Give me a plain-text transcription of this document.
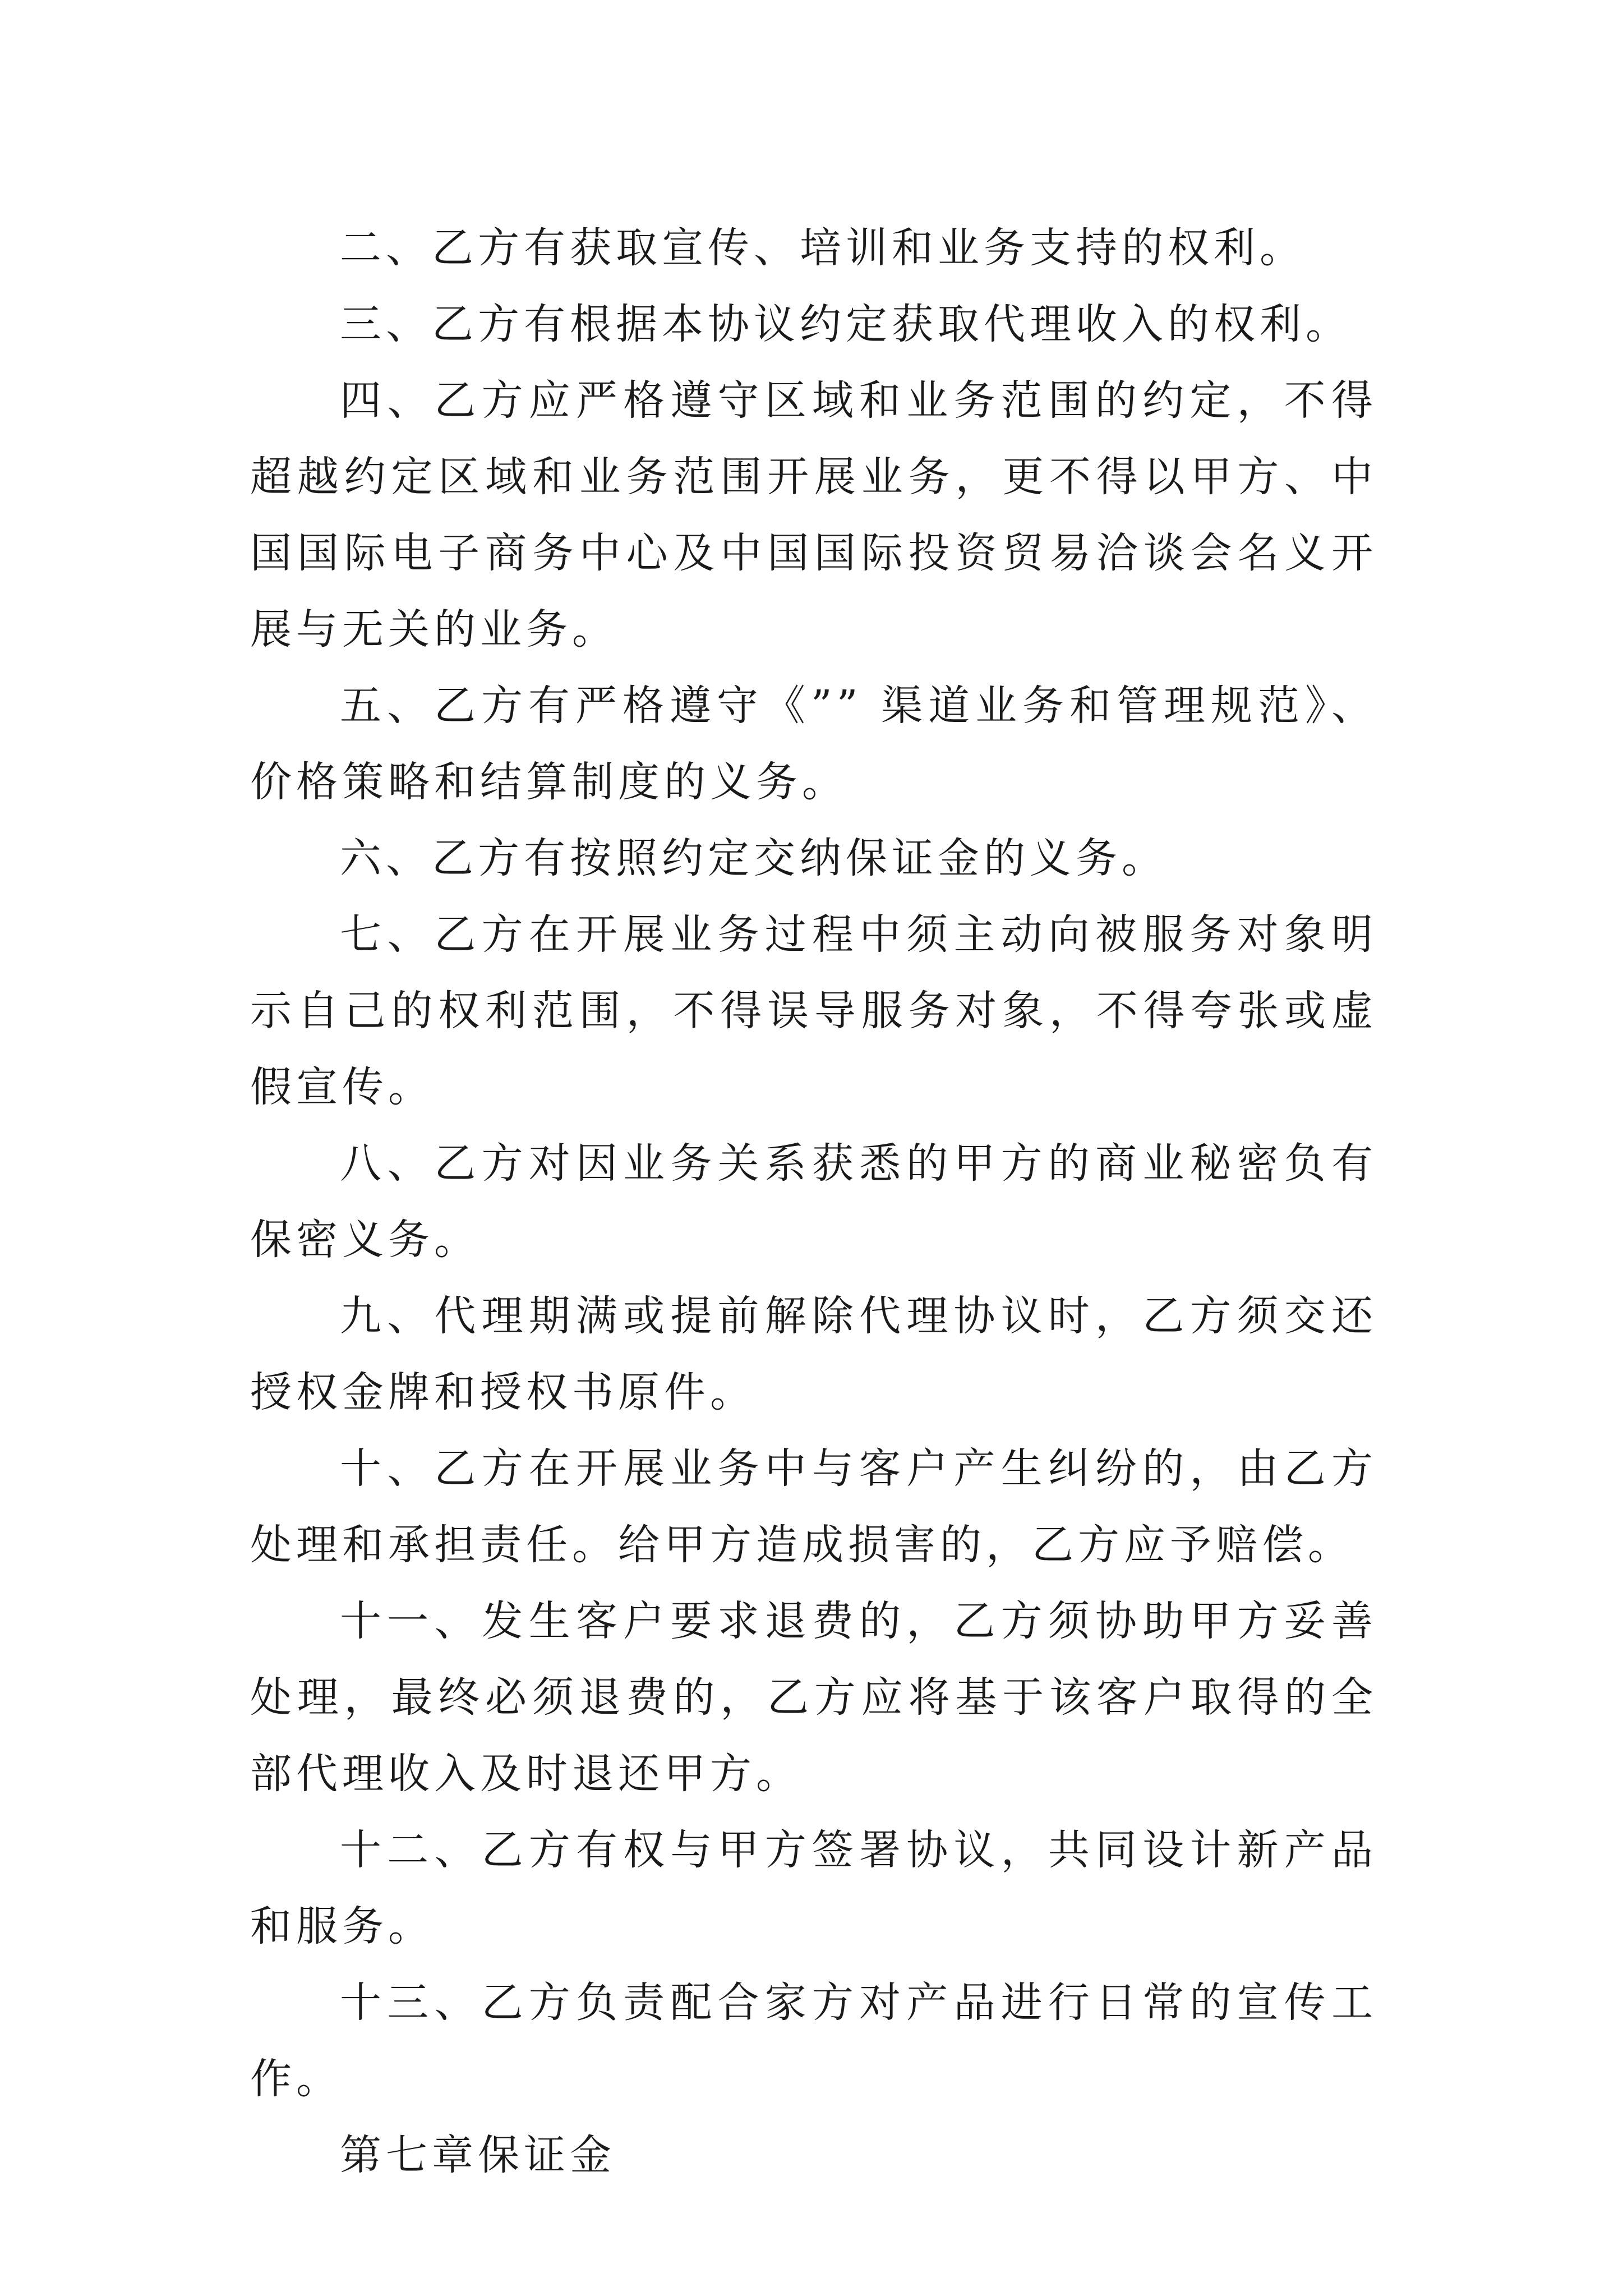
二、乙方有获取宣传、培训和业务支持的权利。

三、乙方有根据本协议约定获取代理收入的权利。

四、乙方应严格遵守区域和业务范围的约定，不得超越约定区域和业务范围开展业务，更不得以甲方、中国国际电子商务中心及中国国际投资贸易洽谈会名义开展与无关的业务。

五、乙方有严格遵守《”” 渠道业务和管理规范》、价格策略和结算制度的义务。

六、乙方有按照约定交纳保证金的义务。

七、乙方在开展业务过程中须主动向被服务对象明示自己的权利范围，不得误导服务对象，不得夸张或虚假宣传。

八、乙方对因业务关系获悉的甲方的商业秘密负有保密义务。

九、代理期满或提前解除代理协议时，乙方须交还授权金牌和授权书原件。

十、乙方在开展业务中与客户产生纠纷的，由乙方处理和承担责任。给甲方造成损害的，乙方应予赔偿。

十一、发生客户要求退费的，乙方须协助甲方妥善处理，最终必须退费的，乙方应将基于该客户取得的全部代理收入及时退还甲方。

十二、乙方有权与甲方签署协议，共同设计新产品和服务。

十三、乙方负责配合家方对产品进行日常的宣传工作。

第七章保证金
